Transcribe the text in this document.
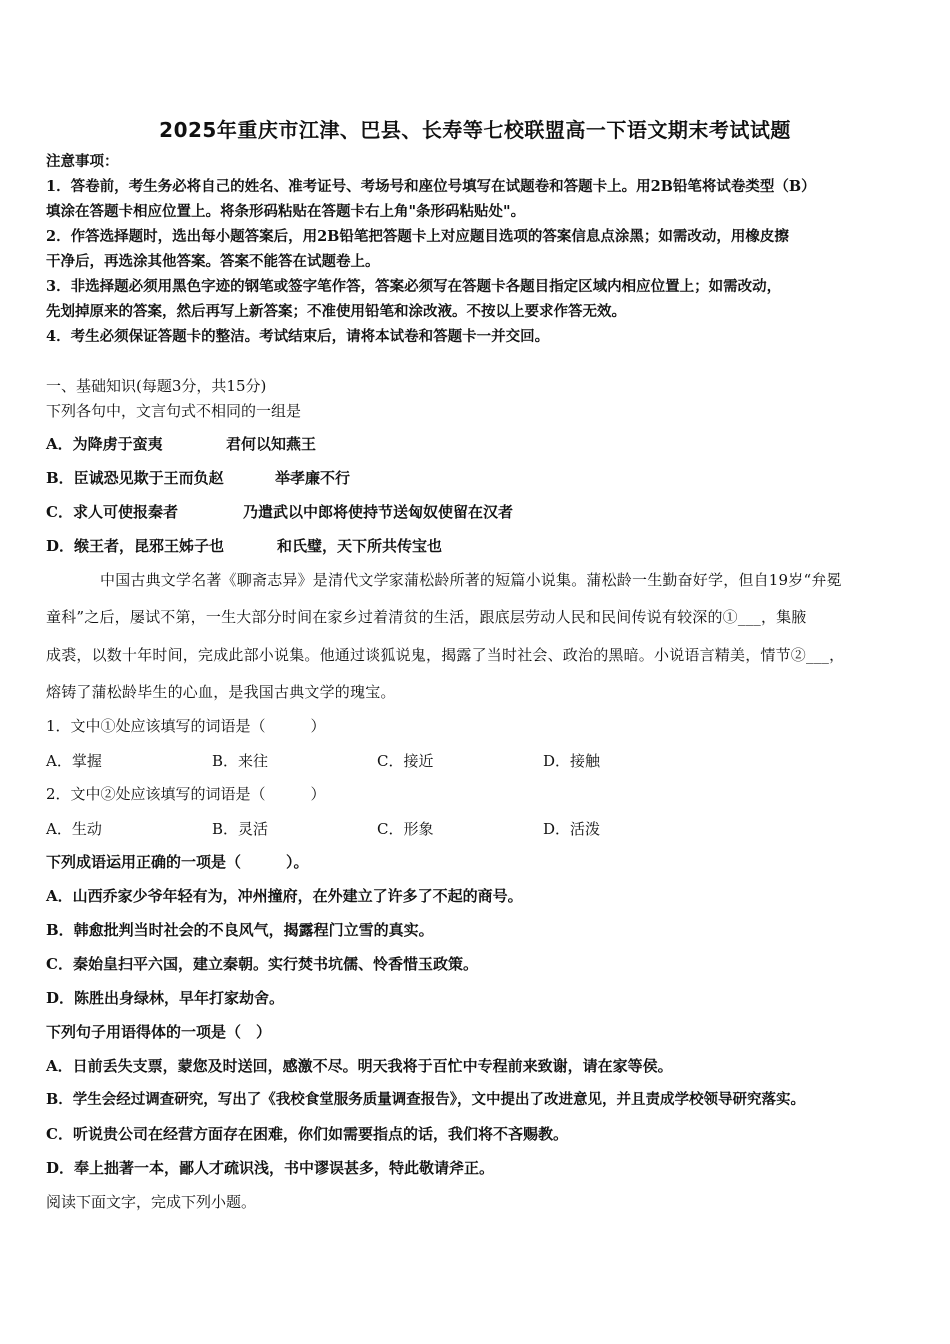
2025年重庆市江津、巴县、长寿等七校联盟高一下语文期末考试试题
注意事项：
1．答卷前，考生务必将自己的姓名、准考证号、考场号和座位号填写在试题卷和答题卡上。用2B铅笔将试卷类型（B）
填涂在答题卡相应位置上。将条形码粘贴在答题卡右上角"条形码粘贴处"。
2．作答选择题时，选出每小题答案后，用2B铅笔把答题卡上对应题目选项的答案信息点涂黑；如需改动，用橡皮擦
干净后，再选涂其他答案。答案不能答在试题卷上。
3．非选择题必须用黑色字迹的钢笔或签字笔作答，答案必须写在答题卡各题目指定区域内相应位置上；如需改动，
先划掉原来的答案，然后再写上新答案；不准使用铅笔和涂改液。不按以上要求作答无效。
4．考生必须保证答题卡的整洁。考试结束后，请将本试卷和答题卡一并交回。
一、基础知识(每题3分，共15分)
下列各句中，文言句式不相同的一组是
A．为降虏于蛮夷	君何以知燕王
B．臣诚恐见欺于王而负赵	举孝廉不行
C．求人可使报秦者	乃遣武以中郎将使持节送匈奴使留在汉者
D．缑王者，昆邪王姊子也	和氏璧，天下所共传宝也
中国古典文学名著《聊斋志异》是清代文学家蒲松龄所著的短篇小说集。蒲松龄一生勤奋好学，但自19岁“弁冕
童科”之后，屡试不第，一生大部分时间在家乡过着清贫的生活，跟底层劳动人民和民间传说有较深的①___，集腋
成裘，以数十年时间，完成此部小说集。他通过谈狐说鬼，揭露了当时社会、政治的黑暗。小说语言精美，情节②___，
熔铸了蒲松龄毕生的心血，是我国古典文学的瑰宝。
1．文中①处应该填写的词语是（　　　）
A．掌握	B．来往	C．接近	D．接触
2．文中②处应该填写的词语是（　　　）
A．生动	B．灵活	C．形象	D．活泼
下列成语运用正确的一项是（　　　）。
A．山西乔家少爷年轻有为，冲州撞府，在外建立了许多了不起的商号。
B．韩愈批判当时社会的不良风气，揭露程门立雪的真实。
C．秦始皇扫平六国，建立秦朝。实行焚书坑儒、怜香惜玉政策。
D．陈胜出身绿林，早年打家劫舍。
下列句子用语得体的一项是（　）
A．日前丢失支票，蒙您及时送回，感激不尽。明天我将于百忙中专程前来致谢，请在家等侯。
B．学生会经过调查研究，写出了《我校食堂服务质量调查报告》，文中提出了改进意见，并且责成学校领导研究落实。
C．听说贵公司在经营方面存在困难，你们如需要指点的话，我们将不吝赐教。
D．奉上拙著一本，鄙人才疏识浅，书中谬误甚多，特此敬请斧正。
阅读下面文字，完成下列小题。
